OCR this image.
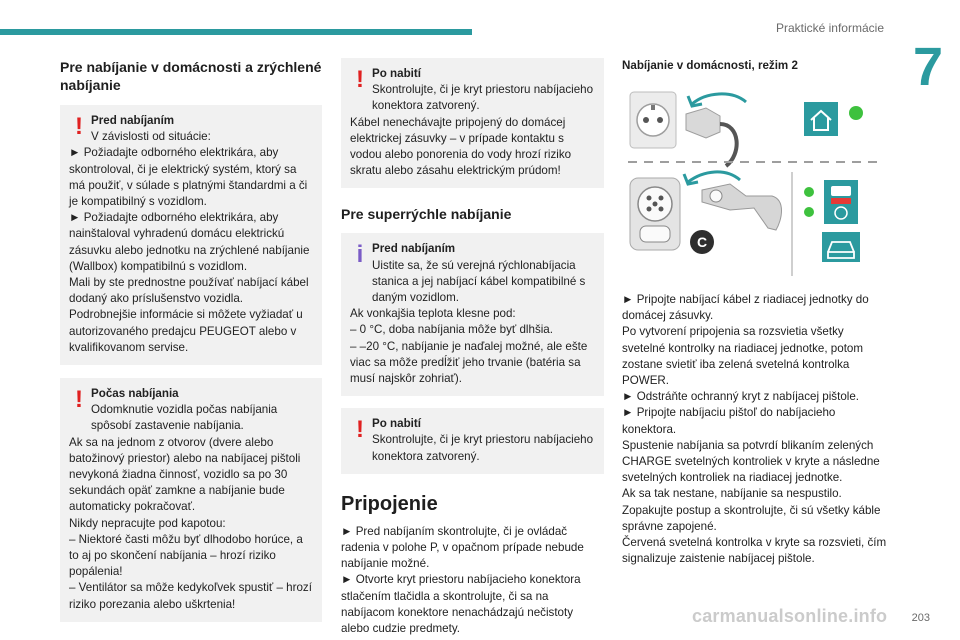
Praktické informácie
7
Pre nabíjanie v domácnosti a zrýchlené nabíjanie
! Pred nabíjaním
V závislosti od situácie:
► Požiadajte odborného elektrikára, aby skontroloval, či je elektrický systém, ktorý sa má použiť, v súlade s platnými štandardmi a či je kompatibilný s vozidlom.
► Požiadajte odborného elektrikára, aby nainštaloval vyhradenú domácu elektrickú zásuvku alebo jednotku na zrýchlené nabíjanie (Wallbox) kompatibilnú s vozidlom.
Mali by ste prednostne používať nabíjací kábel dodaný ako príslušenstvo vozidla.
Podrobnejšie informácie si môžete vyžiadať u autorizovaného predajcu PEUGEOT alebo v kvalifikovanom servise.
! Počas nabíjania
Odomknutie vozidla počas nabíjania spôsobí zastavenie nabíjania.
Ak sa na jednom z otvorov (dvere alebo batožinový priestor) alebo na nabíjacej pištoli nevykoná žiadna činnosť, vozidlo sa po 30 sekundách opäť zamkne a nabíjanie bude automaticky pokračovať.
Nikdy nepracujte pod kapotou:
– Niektoré časti môžu byť dlhodobo horúce, a to aj po skončení nabíjania – hrozí riziko popálenia!
– Ventilátor sa môže kedykoľvek spustiť – hrozí riziko porezania alebo uškrtenia!
! Po nabití
Skontrolujte, či je kryt priestoru nabíjacieho konektora zatvorený.
Kábel nenechávajte pripojený do domácej elektrickej zásuvky – v prípade kontaktu s vodou alebo ponorenia do vody hrozí riziko skratu alebo zásahu elektrickým prúdom!
Pre superrýchle nabíjanie
i Pred nabíjaním
Uistite sa, že sú verejná rýchlonabíjacia stanica a jej nabíjací kábel kompatibilné s daným vozidlom.
Ak vonkajšia teplota klesne pod:
– 0 °C, doba nabíjania môže byť dlhšia.
– –20 °C, nabíjanie je naďalej možné, ale ešte viac sa môže predĺžiť jeho trvanie (batéria sa musí najskôr zohriať).
! Po nabití
Skontrolujte, či je kryt priestoru nabíjacieho konektora zatvorený.
Pripojenie
► Pred nabíjaním skontrolujte, či je ovládač radenia v polohe P, v opačnom prípade nebude nabíjanie možné.
► Otvorte kryt priestoru nabíjacieho konektora stlačením tlačidla a skontrolujte, či sa na nabíjacom konektore nenachádzajú nečistoty alebo cudzie predmety.
Nabíjanie v domácnosti, režim 2
C
► Pripojte nabíjací kábel z riadiacej jednotky do domácej zásuvky.
Po vytvorení pripojenia sa rozsvietia všetky svetelné kontrolky na riadiacej jednotke, potom zostane svietiť iba zelená svetelná kontrolka POWER.
► Odstráňte ochranný kryt z nabíjacej pištole.
► Pripojte nabíjaciu pištoľ do nabíjacieho konektora.
Spustenie nabíjania sa potvrdí blikaním zelených CHARGE svetelných kontroliek v kryte a následne svetelných kontroliek na riadiacej jednotke.
Ak sa tak nestane, nabíjanie sa nespustilo.
Zopakujte postup a skontrolujte, či sú všetky káble správne zapojené.
Červená svetelná kontrolka v kryte sa rozsvieti, čím signalizuje zaistenie nabíjacej pištole.
carmanualsonline.info 203
